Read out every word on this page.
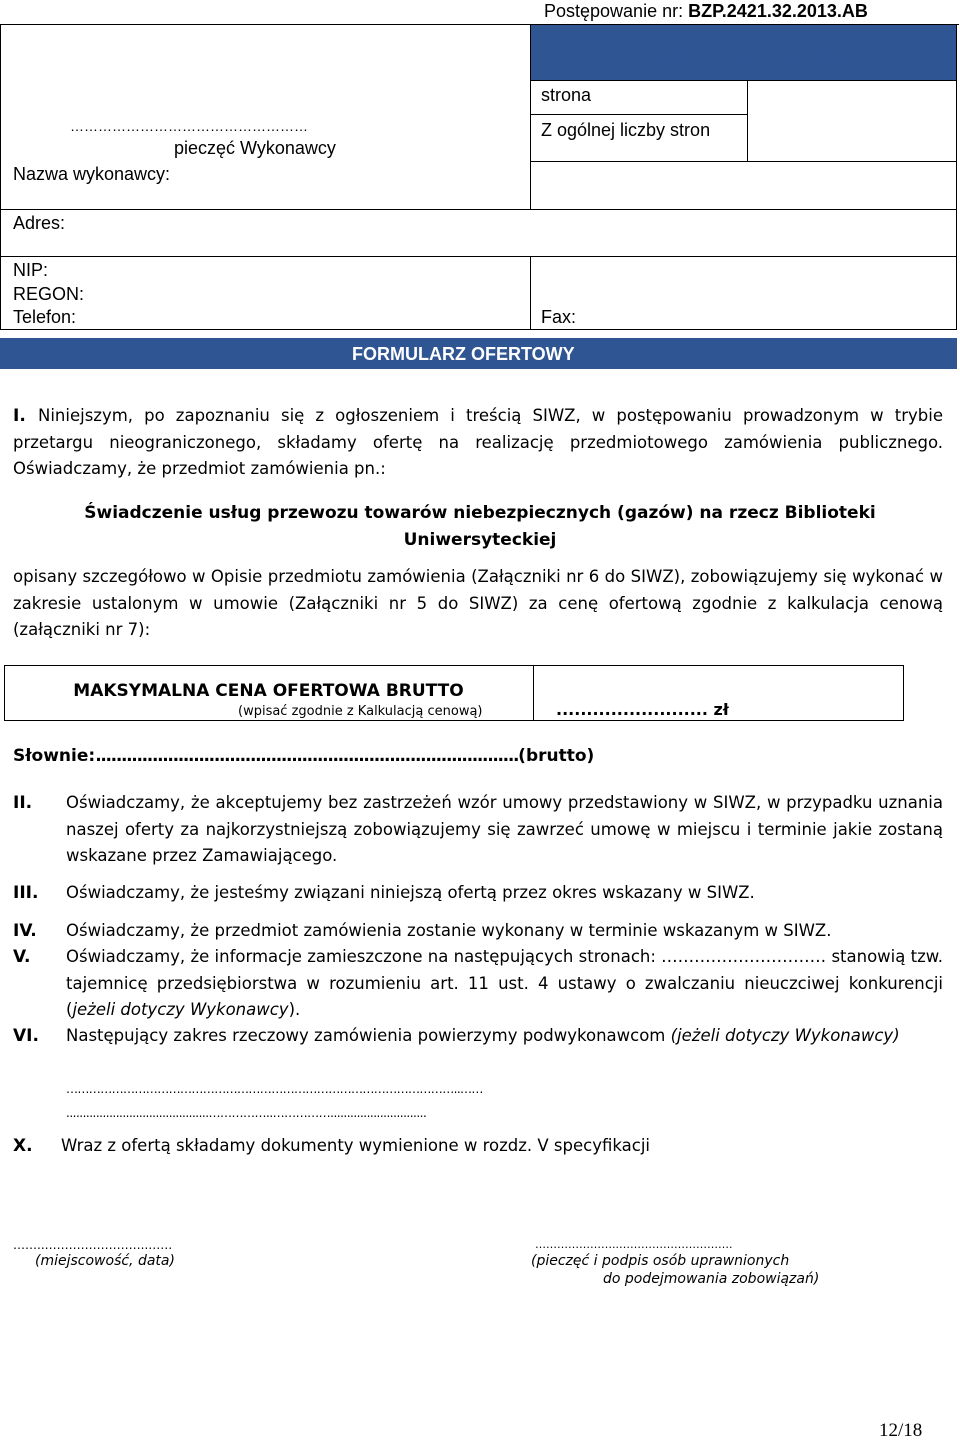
Postępowanie nr: BZP.2421.32.2013.AB
Załącznik nr 1 do SIWZ
strona
Z ogólnej liczby stron
……………………………………………
pieczęć Wykonawcy
Nazwa wykonawcy:
Adres:
NIP:
REGON:
Telefon:	Fax:
FORMULARZ OFERTOWY
I. Niniejszym, po zapoznaniu się z ogłoszeniem i treścią SIWZ, w postępowaniu prowadzonym w trybie przetargu nieograniczonego, składamy ofertę na realizację przedmiotowego zamówienia publicznego. Oświadczamy, że przedmiot zamówienia pn.:
Świadczenie usług przewozu towarów niebezpiecznych (gazów) na rzecz Biblioteki
Uniwersyteckiej
opisany szczegółowo w Opisie przedmiotu zamówienia (Załączniki nr 6 do SIWZ), zobowiązujemy się wykonać w zakresie ustalonym w umowie (Załączniki nr 5 do SIWZ) za cenę ofertową zgodnie z kalkulacja cenową (załączniki nr 7):
MAKSYMALNA CENA OFERTOWA BRUTTO
(wpisać zgodnie z Kalkulacją cenową)	......................... zł
Słownie:..................................................................................(brutto)
II. Oświadczamy, że akceptujemy bez zastrzeżeń wzór umowy przedstawiony w SIWZ, w przypadku uznania naszej oferty za najkorzystniejszą zobowiązujemy się zawrzeć umowę w miejscu i terminie jakie zostaną wskazane przez Zamawiającego.
III. Oświadczamy, że jesteśmy związani niniejszą ofertą przez okres wskazany w SIWZ.
IV. Oświadczamy, że przedmiot zamówienia zostanie wykonany w terminie wskazanym w SIWZ.
V. Oświadczamy, że informacje zamieszczone na następujących stronach: ………………………… stanowią tzw. tajemnicę przedsiębiorstwa w rozumieniu art. 11 ust. 4 ustawy o zwalczaniu nieuczciwej konkurencji (jeżeli dotyczy Wykonawcy).
VI. Następujący zakres rzeczowy zamówienia powierzymy podwykonawcom (jeżeli dotyczy Wykonawcy)
…………………………………………………………………………………………..……
...........................................……………..…………….............................
X. Wraz z ofertą składamy dokumenty wymienione w rozdz. V specyfikacji
……..……………………..……
(miejscowość, data)
…………………..………………………….
(pieczęć i podpis osób uprawnionych
do podejmowania zobowiązań)
12/18
